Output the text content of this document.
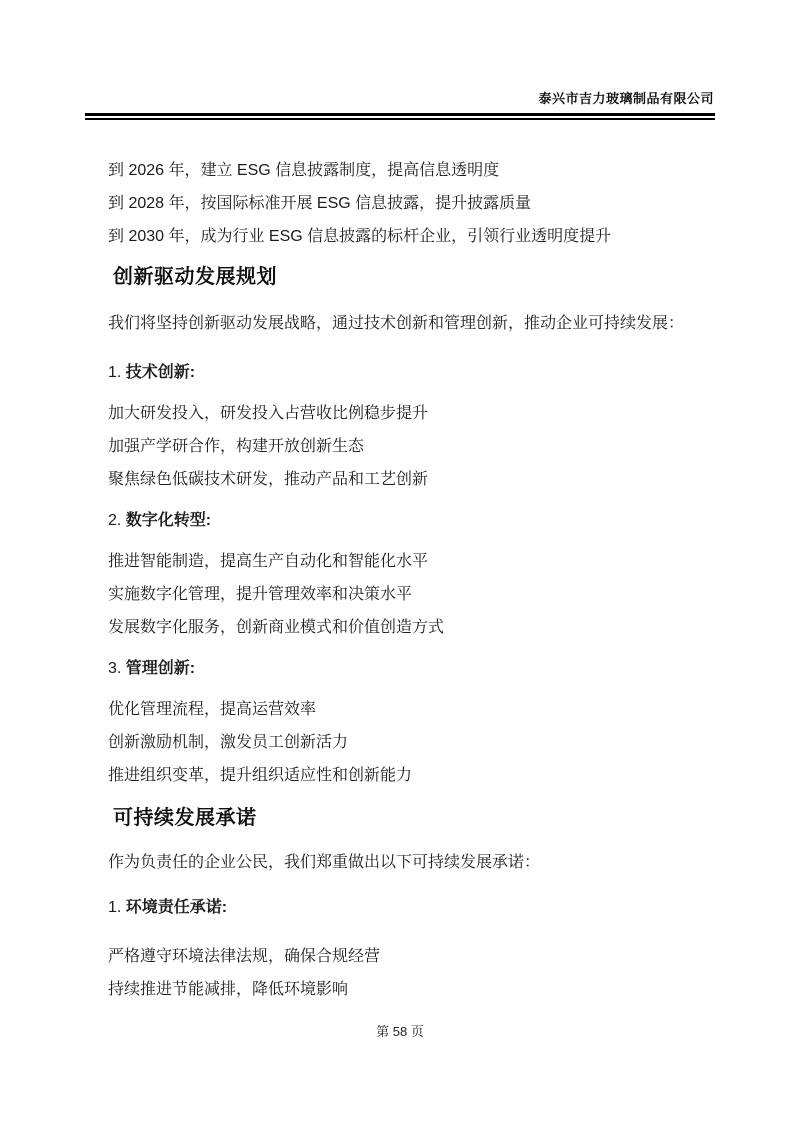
泰兴市吉力玻璃制品有限公司
到 2026 年，建立 ESG 信息披露制度，提高信息透明度
到 2028 年，按国际标准开展 ESG 信息披露，提升披露质量
到 2030 年，成为行业 ESG 信息披露的标杆企业，引领行业透明度提升
创新驱动发展规划
我们将坚持创新驱动发展战略，通过技术创新和管理创新，推动企业可持续发展：
1. 技术创新:
加大研发投入，研发投入占营收比例稳步提升
加强产学研合作，构建开放创新生态
聚焦绿色低碳技术研发，推动产品和工艺创新
2. 数字化转型:
推进智能制造，提高生产自动化和智能化水平
实施数字化管理，提升管理效率和决策水平
发展数字化服务，创新商业模式和价值创造方式
3. 管理创新:
优化管理流程，提高运营效率
创新激励机制，激发员工创新活力
推进组织变革，提升组织适应性和创新能力
可持续发展承诺
作为负责任的企业公民，我们郑重做出以下可持续发展承诺：
1. 环境责任承诺:
严格遵守环境法律法规，确保合规经营
持续推进节能减排，降低环境影响
第 58 页
